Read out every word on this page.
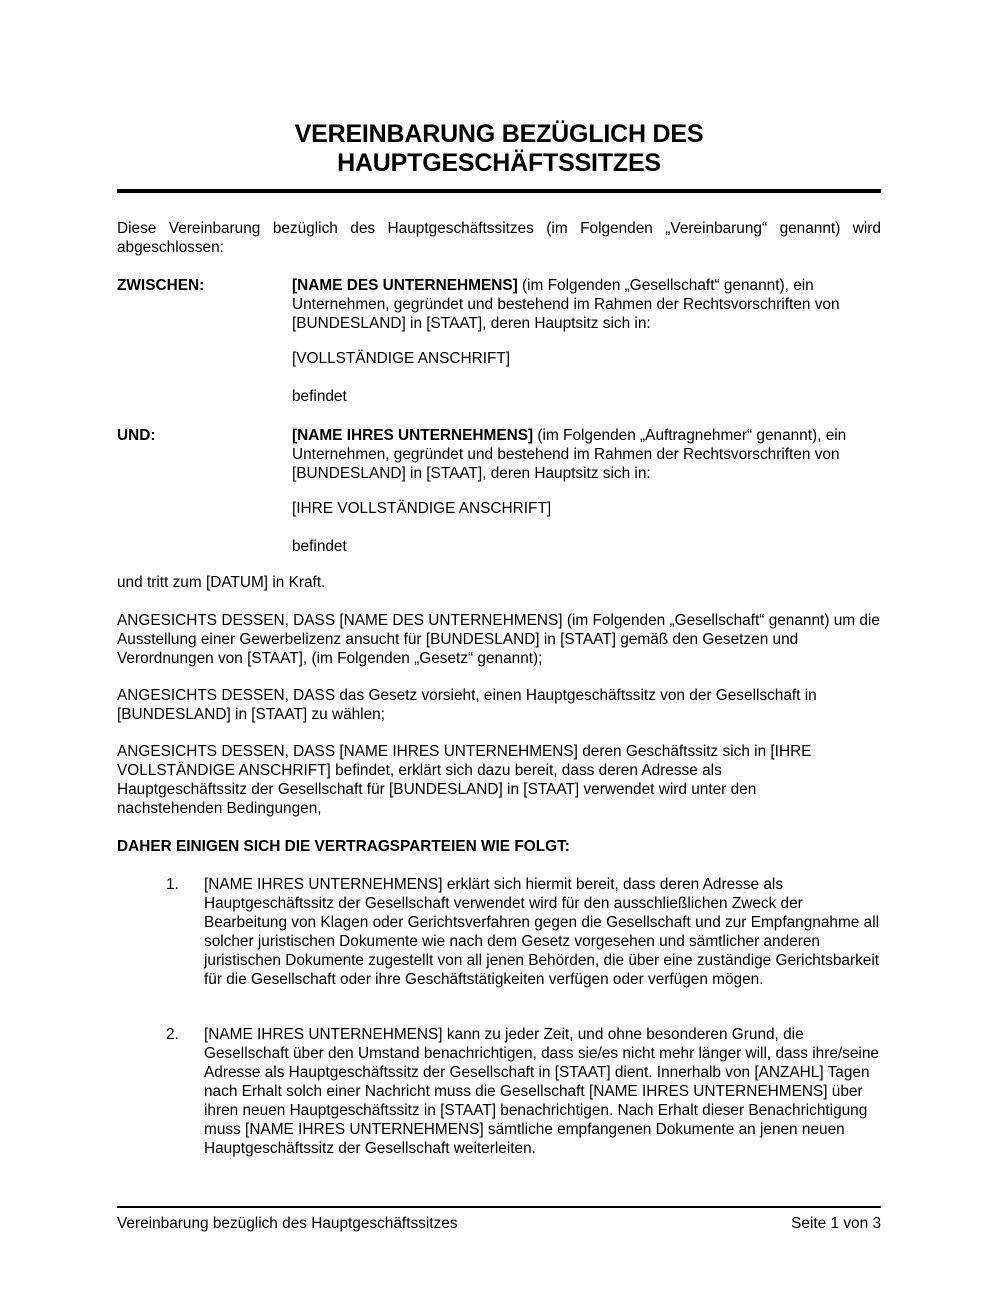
VEREINBARUNG BEZÜGLICH DES
HAUPTGESCHÄFTSSITZES
Diese Vereinbarung bezüglich des Hauptgeschäftssitzes (im Folgenden „Vereinbarung“ genannt) wird abgeschlossen:
ZWISCHEN:	[NAME DES UNTERNEHMENS] (im Folgenden „Gesellschaft“ genannt), ein Unternehmen, gegründet und bestehend im Rahmen der Rechtsvorschriften von [BUNDESLAND] in [STAAT], deren Hauptsitz sich in:
[VOLLSTÄNDIGE ANSCHRIFT]
befindet
UND:	[NAME IHRES UNTERNEHMENS] (im Folgenden „Auftragnehmer“ genannt), ein Unternehmen, gegründet und bestehend im Rahmen der Rechtsvorschriften von [BUNDESLAND] in [STAAT], deren Hauptsitz sich in:
[IHRE VOLLSTÄNDIGE ANSCHRIFT]
befindet
und tritt zum [DATUM] in Kraft.
ANGESICHTS DESSEN, DASS [NAME DES UNTERNEHMENS] (im Folgenden „Gesellschaft“ genannt) um die Ausstellung einer Gewerbelizenz ansucht für [BUNDESLAND] in [STAAT] gemäß den Gesetzen und Verordnungen von [STAAT], (im Folgenden „Gesetz“ genannt);
ANGESICHTS DESSEN, DASS das Gesetz vorsieht, einen Hauptgeschäftssitz von der Gesellschaft in [BUNDESLAND] in [STAAT] zu wählen;
ANGESICHTS DESSEN, DASS [NAME IHRES UNTERNEHMENS] deren Geschäftssitz sich in [IHRE VOLLSTÄNDIGE ANSCHRIFT] befindet, erklärt sich dazu bereit, dass deren Adresse als Hauptgeschäftssitz der Gesellschaft für [BUNDESLAND] in [STAAT] verwendet wird unter den nachstehenden Bedingungen,
DAHER EINIGEN SICH DIE VERTRAGSPARTEIEN WIE FOLGT:
1. [NAME IHRES UNTERNEHMENS] erklärt sich hiermit bereit, dass deren Adresse als Hauptgeschäftssitz der Gesellschaft verwendet wird für den ausschließlichen Zweck der Bearbeitung von Klagen oder Gerichtsverfahren gegen die Gesellschaft und zur Empfangnahme all solcher juristischen Dokumente wie nach dem Gesetz vorgesehen und sämtlicher anderen juristischen Dokumente zugestellt von all jenen Behörden, die über eine zuständige Gerichtsbarkeit für die Gesellschaft oder ihre Geschäftstätigkeiten verfügen oder verfügen mögen.
2. [NAME IHRES UNTERNEHMENS] kann zu jeder Zeit, und ohne besonderen Grund, die Gesellschaft über den Umstand benachrichtigen, dass sie/es nicht mehr länger will, dass ihre/seine Adresse als Hauptgeschäftssitz der Gesellschaft in [STAAT] dient. Innerhalb von [ANZAHL] Tagen nach Erhalt solch einer Nachricht muss die Gesellschaft [NAME IHRES UNTERNEHMENS] über ihren neuen Hauptgeschäftssitz in [STAAT] benachrichtigen. Nach Erhalt dieser Benachrichtigung muss [NAME IHRES UNTERNEHMENS] sämtliche empfangenen Dokumente an jenen neuen Hauptgeschäftssitz der Gesellschaft weiterleiten.
Vereinbarung bezüglich des Hauptgeschäftssitzes	Seite 1 von 3
